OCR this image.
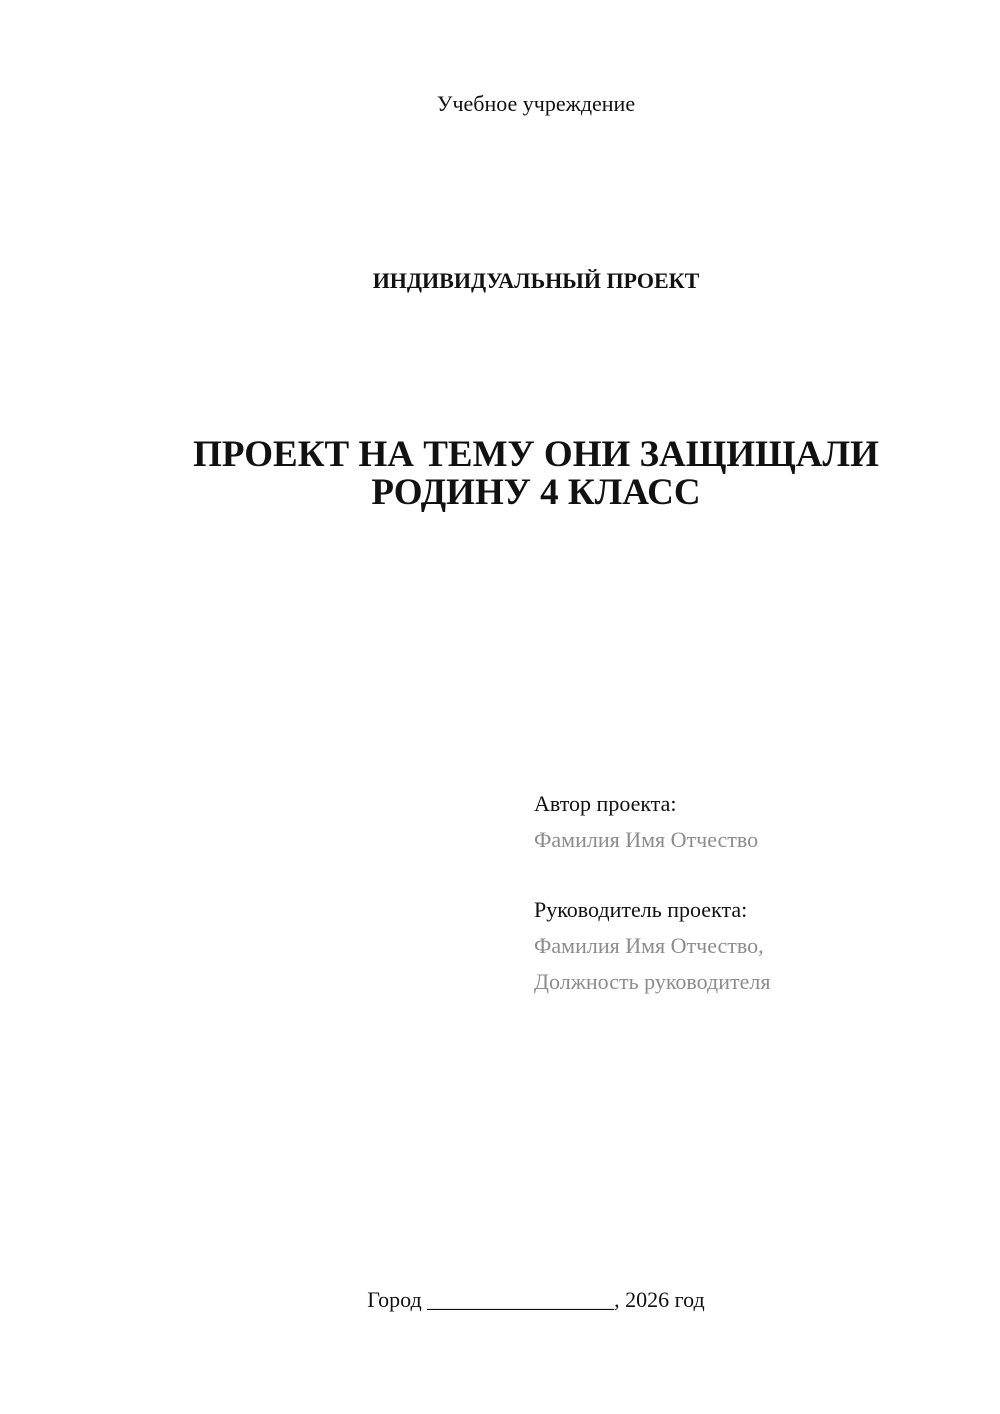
Учебное учреждение
ИНДИВИДУАЛЬНЫЙ ПРОЕКТ
ПРОЕКТ НА ТЕМУ ОНИ ЗАЩИЩАЛИ
РОДИНУ 4 КЛАСС
Автор проекта:
Фамилия Имя Отчество
Руководитель проекта:
Фамилия Имя Отчество,
Должность руководителя
Город _________________, 2026 год
